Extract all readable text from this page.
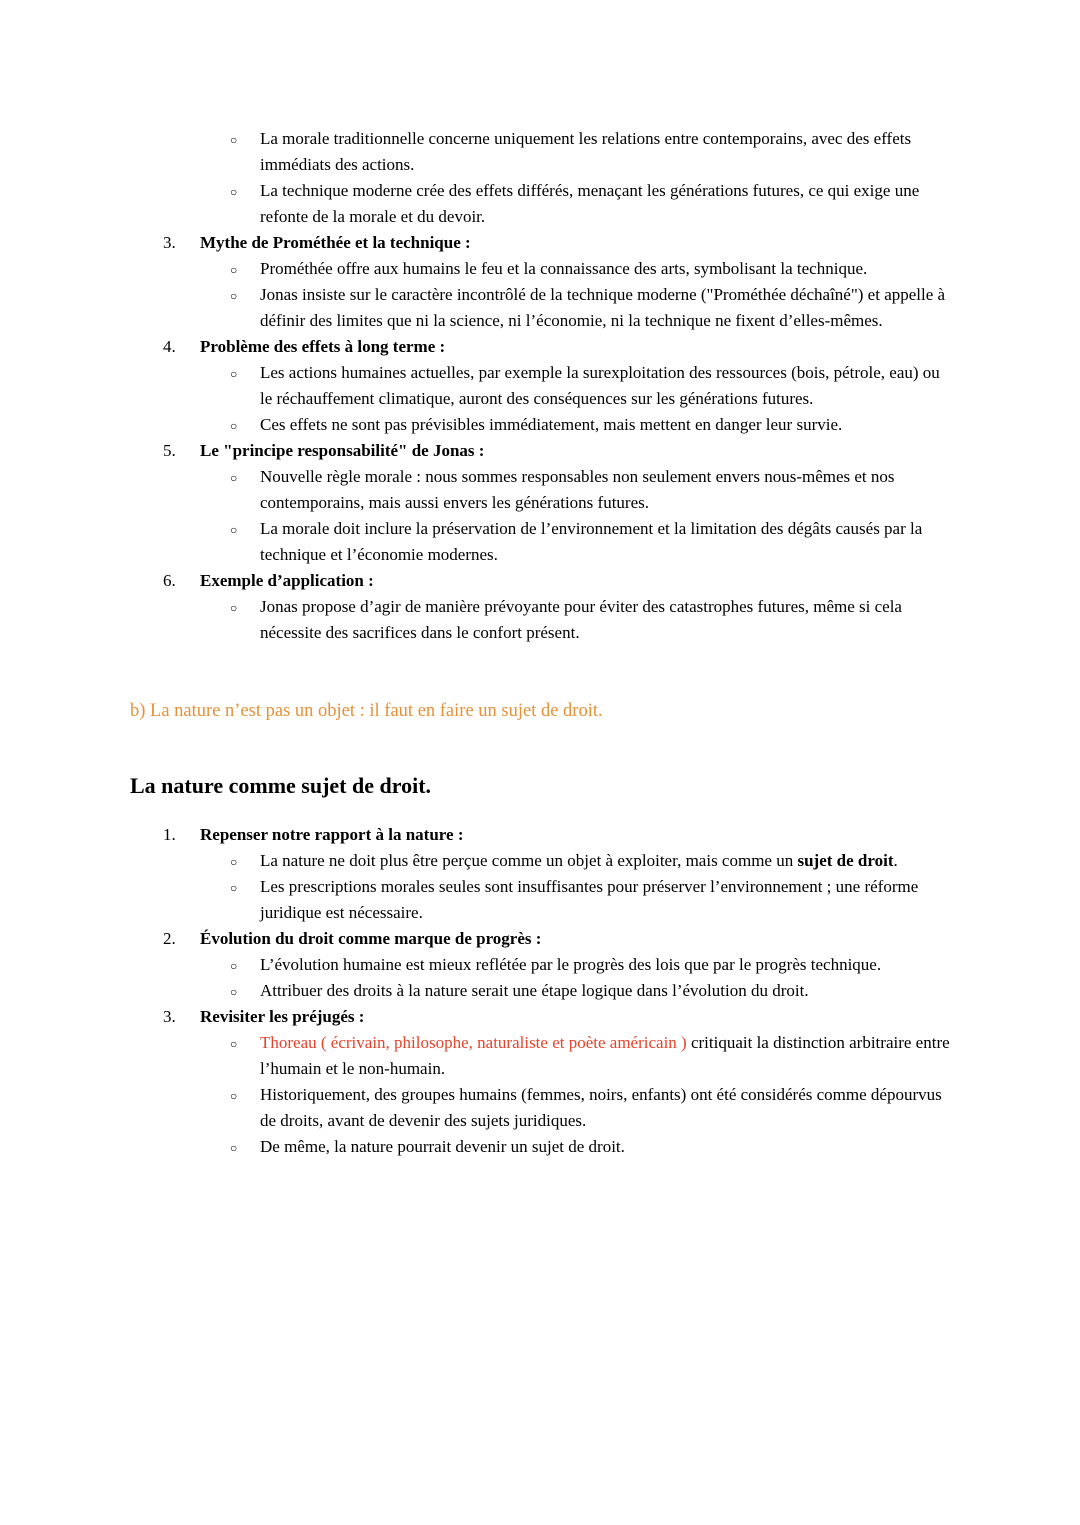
○ La morale traditionnelle concerne uniquement les relations entre contemporains, avec des effets immédiats des actions.
○ La technique moderne crée des effets différés, menaçant les générations futures, ce qui exige une refonte de la morale et du devoir.
3. Mythe de Prométhée et la technique :
○ Prométhée offre aux humains le feu et la connaissance des arts, symbolisant la technique.
○ Jonas insiste sur le caractère incontrôlé de la technique moderne ("Prométhée déchaîné") et appelle à définir des limites que ni la science, ni l’économie, ni la technique ne fixent d’elles-mêmes.
4. Problème des effets à long terme :
○ Les actions humaines actuelles, par exemple la surexploitation des ressources (bois, pétrole, eau) ou le réchauffement climatique, auront des conséquences sur les générations futures.
○ Ces effets ne sont pas prévisibles immédiatement, mais mettent en danger leur survie.
5. Le "principe responsabilité" de Jonas :
○ Nouvelle règle morale : nous sommes responsables non seulement envers nous-mêmes et nos contemporains, mais aussi envers les générations futures.
○ La morale doit inclure la préservation de l’environnement et la limitation des dégâts causés par la technique et l’économie modernes.
6. Exemple d’application :
○ Jonas propose d’agir de manière prévoyante pour éviter des catastrophes futures, même si cela nécessite des sacrifices dans le confort présent.

b) La nature n’est pas un objet : il faut en faire un sujet de droit.

La nature comme sujet de droit.
1. Repenser notre rapport à la nature :
○ La nature ne doit plus être perçue comme un objet à exploiter, mais comme un sujet de droit.
○ Les prescriptions morales seules sont insuffisantes pour préserver l’environnement ; une réforme juridique est nécessaire.
2. Évolution du droit comme marque de progrès :
○ L’évolution humaine est mieux reflétée par le progrès des lois que par le progrès technique.
○ Attribuer des droits à la nature serait une étape logique dans l’évolution du droit.
3. Revisiter les préjugés :
○ Thoreau ( écrivain, philosophe, naturaliste et poète américain ) critiquait la distinction arbitraire entre l’humain et le non-humain.
○ Historiquement, des groupes humains (femmes, noirs, enfants) ont été considérés comme dépourvus de droits, avant de devenir des sujets juridiques.
○ De même, la nature pourrait devenir un sujet de droit.
